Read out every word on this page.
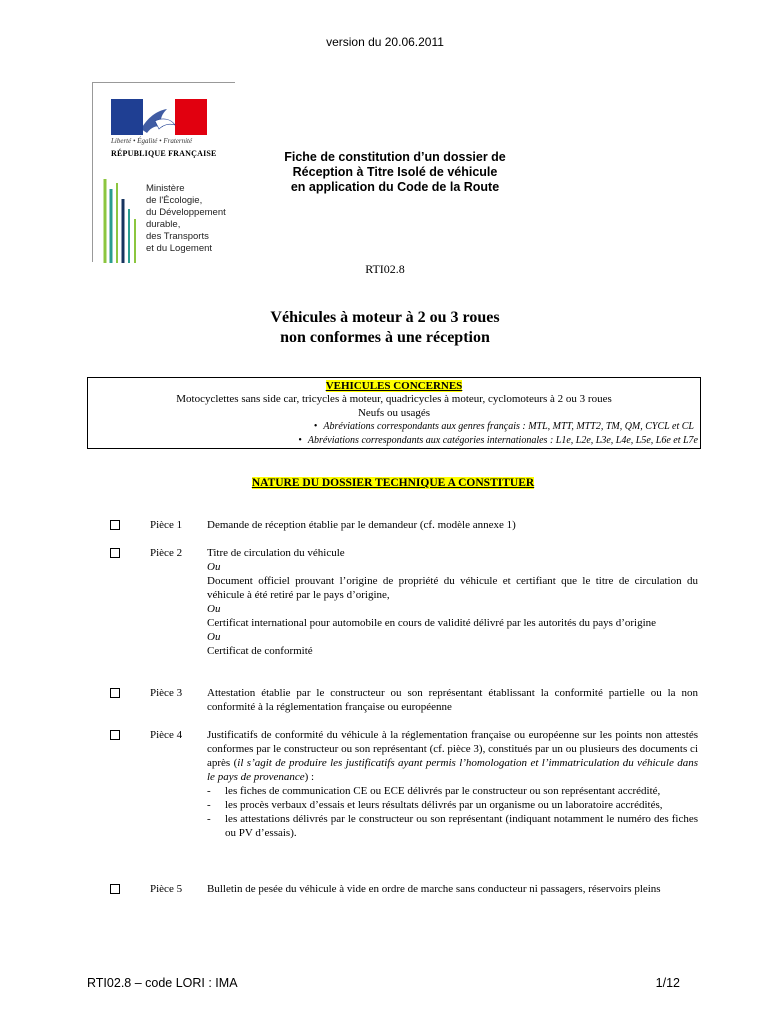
version du 20.06.2011
Liberté • Égalité • Fraternité
RÉPUBLIQUE FRANÇAISE
Ministère
de l'Écologie,
du Développement
durable,
des Transports
et du Logement
Fiche de constitution d’un dossier de
Réception à Titre Isolé de véhicule
en application du Code de la Route
RTI02.8
Véhicules à moteur à 2 ou 3 roues
non conformes à une réception
VEHICULES CONCERNES
Motocyclettes sans side car, tricycles à moteur, quadricycles à moteur, cyclomoteurs à 2 ou 3 roues
Neufs ou usagés
• Abréviations correspondants aux genres français : MTL, MTT, MTT2, TM, QM, CYCL et CL
• Abréviations correspondants aux catégories internationales : L1e, L2e, L3e, L4e, L5e, L6e et L7e
NATURE DU DOSSIER TECHNIQUE A CONSTITUER
Pièce 1 Demande de réception établie par le demandeur (cf. modèle annexe 1)

Pièce 2 Titre de circulation du véhicule

Ou

Document officiel prouvant l’origine de propriété du véhicule et certifiant que le titre de circulation du véhicule à été retiré par le pays d’origine,

Ou

Certificat international pour automobile en cours de validité délivré par les autorités du pays d’origine

Ou

Certificat de conformité

Pièce 3 Attestation établie par le constructeur ou son représentant établissant la conformité partielle ou la non conformité à la réglementation française ou européenne

Pièce 4 Justificatifs de conformité du véhicule à la réglementation française ou européenne sur les points non attestés conformes par le constructeur ou son représentant (cf. pièce 3), constitués par un ou plusieurs des documents ci après (il s’agit de produire les justificatifs ayant permis l’homologation et l’immatriculation du véhicule dans le pays de provenance) :

- les fiches de communication CE ou ECE délivrés par le constructeur ou son représentant accrédité,
- les procès verbaux d’essais et leurs résultats délivrés par un organisme ou un laboratoire accrédités,
- les attestations délivrés par le constructeur ou son représentant (indiquant notamment le numéro des fiches ou PV d’essais).
Pièce 5 Bulletin de pesée du véhicule à vide en ordre de marche sans conducteur ni passagers, réservoirs pleins

RTI02.8 – code LORI : IMA	1/12
